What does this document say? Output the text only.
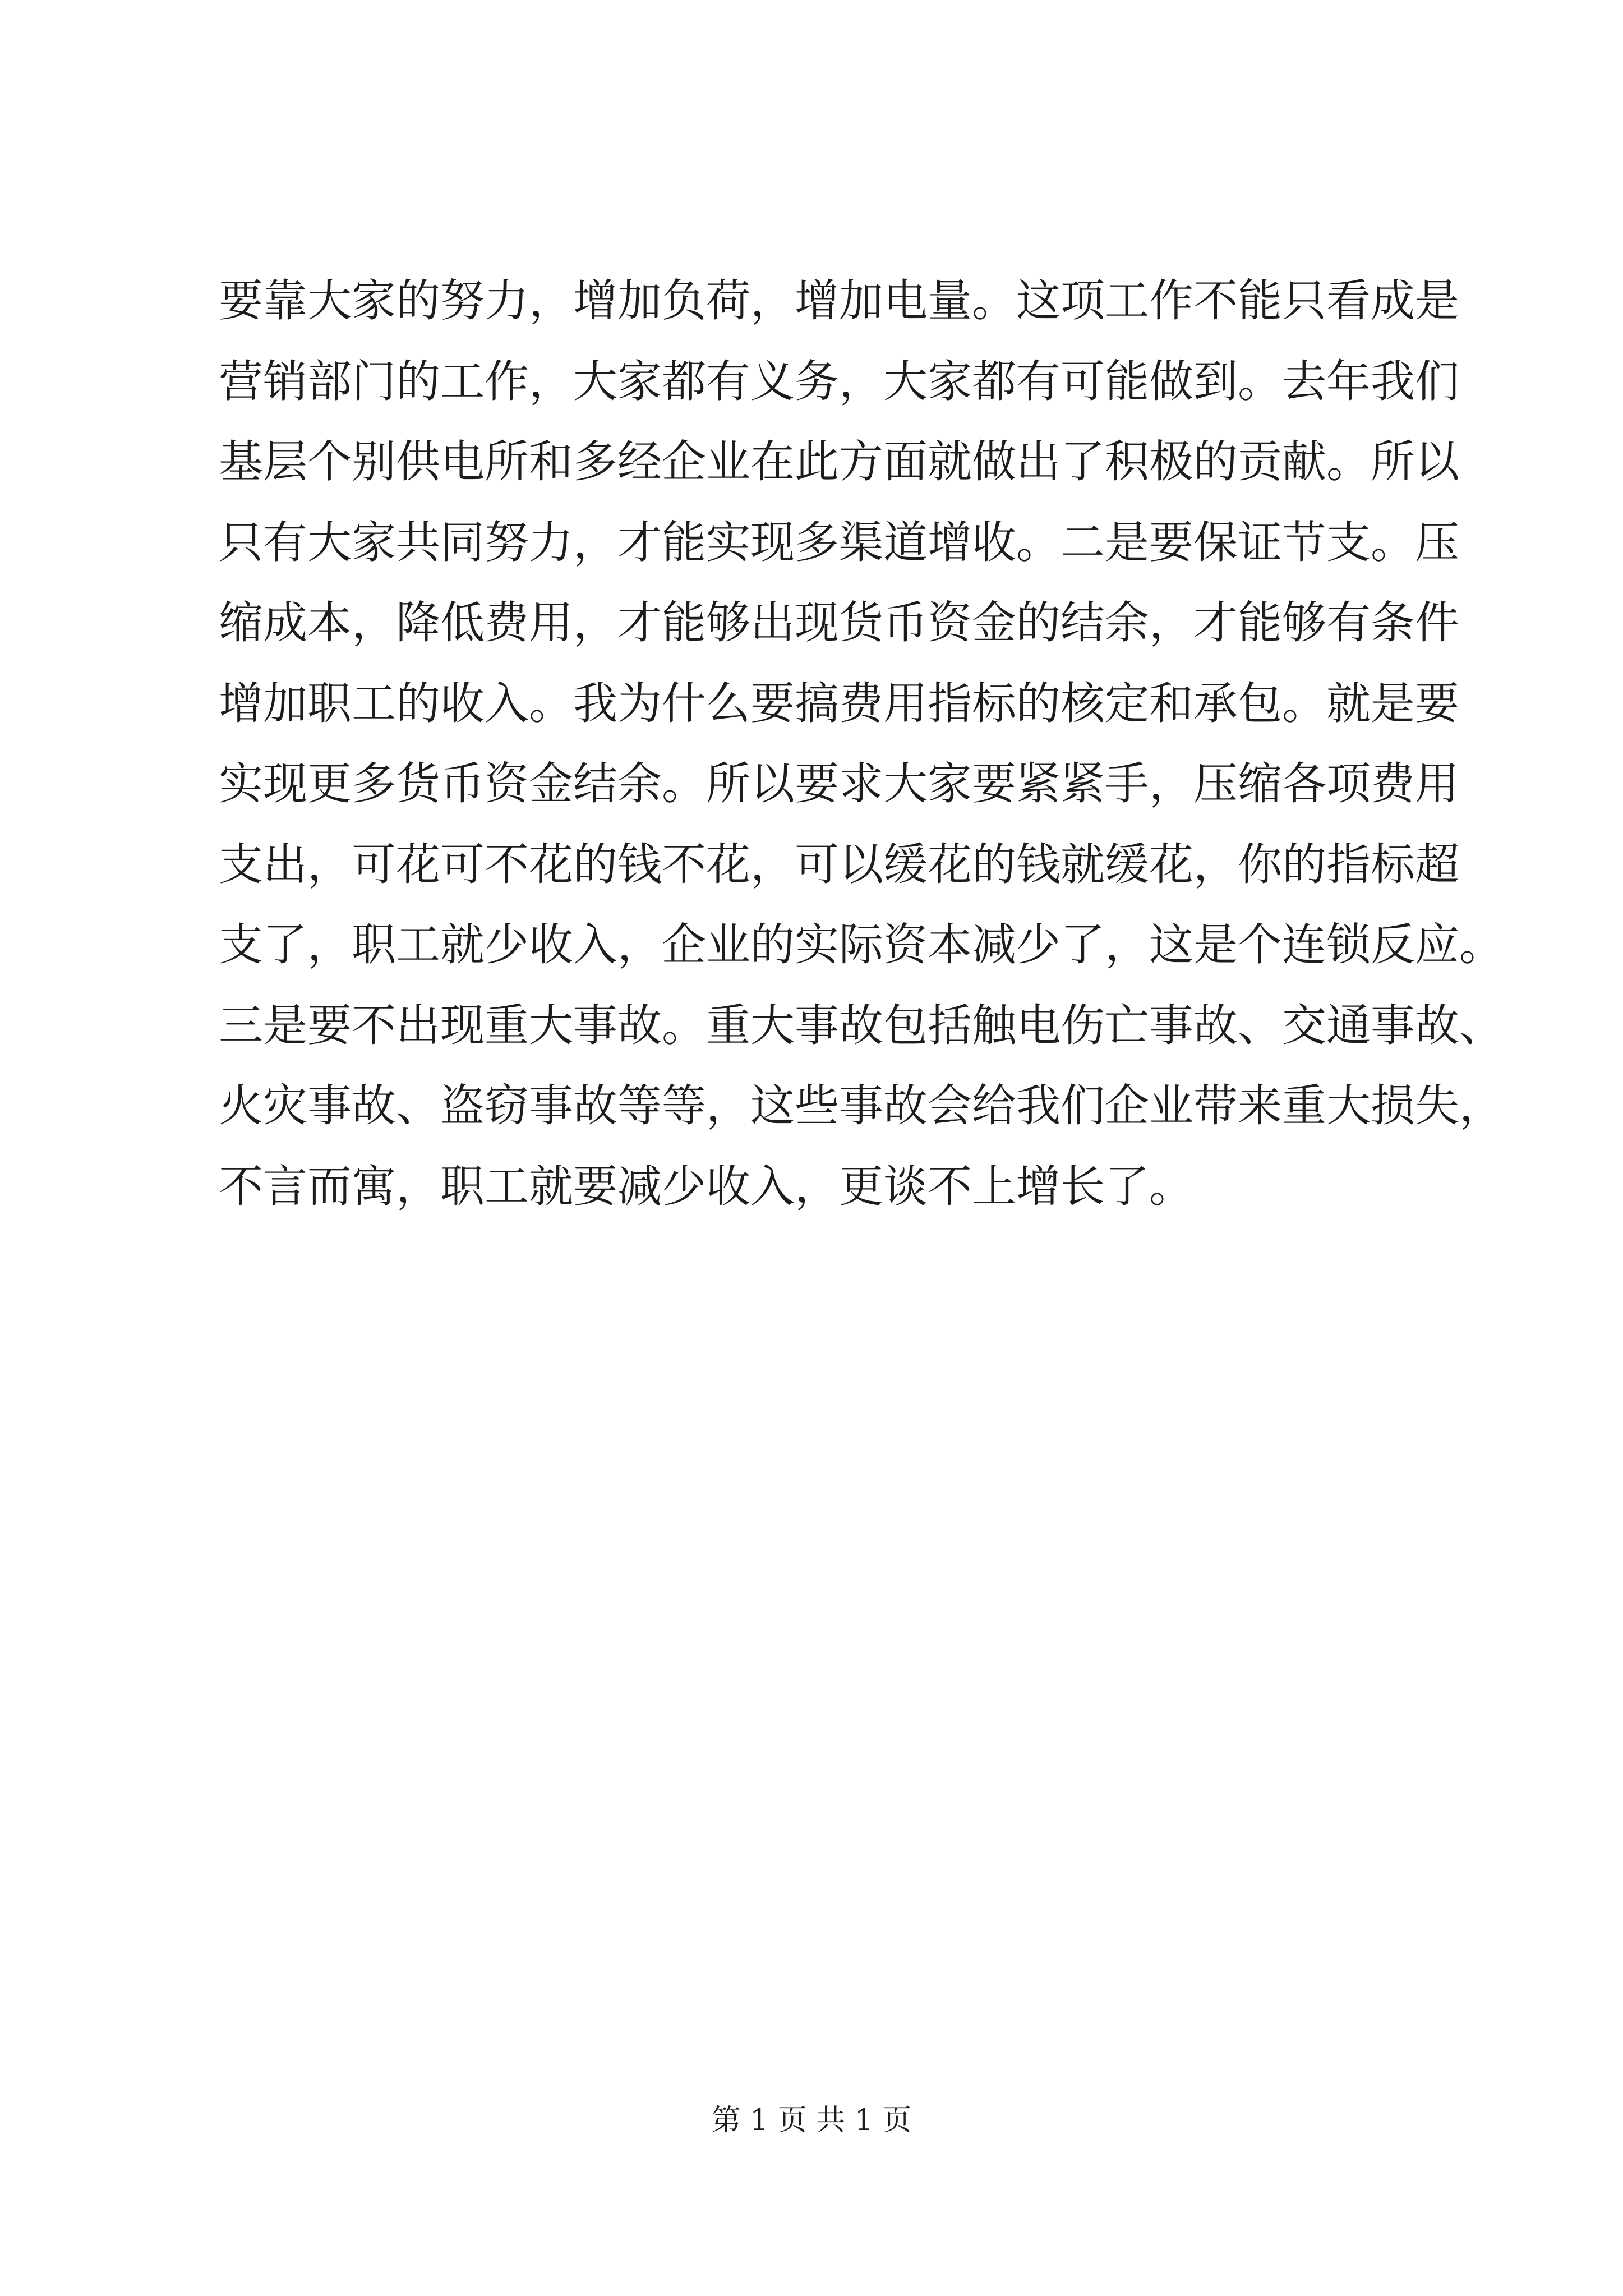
要靠大家的努力，增加负荷，增加电量。这项工作不能只看成是
营销部门的工作，大家都有义务，大家都有可能做到。去年我们
基层个别供电所和多经企业在此方面就做出了积极的贡献。所以
只有大家共同努力，才能实现多渠道增收。二是要保证节支。压
缩成本，降低费用，才能够出现货币资金的结余，才能够有条件
增加职工的收入。我为什么要搞费用指标的核定和承包。就是要
实现更多货币资金结余。所以要求大家要紧紧手，压缩各项费用
支出，可花可不花的钱不花，可以缓花的钱就缓花，你的指标超
支了，职工就少收入，企业的实际资本减少了，这是个连锁反应。
三是要不出现重大事故。重大事故包括触电伤亡事故、交通事故、
火灾事故、盗窃事故等等，这些事故会给我们企业带来重大损失，
不言而寓，职工就要减少收入，更谈不上增长了。
第 1 页 共 1 页
